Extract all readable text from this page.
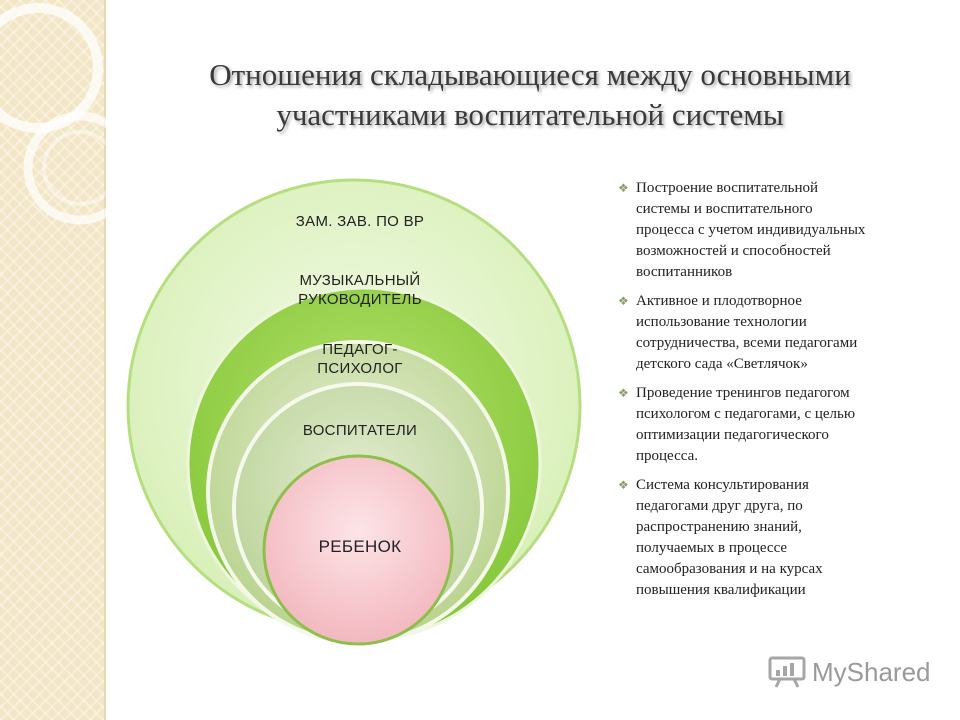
Отношения складывающиеся между основными
участниками воспитательной системы
ЗАМ. ЗАВ. ПО ВР
МУЗЫКАЛЬНЫЙ
РУКОВОДИТЕЛЬ
ПЕДАГОГ-
ПСИХОЛОГ
ВОСПИТАТЕЛИ
РЕБЕНОК
❖ Построение воспитательной
системы и воспитательного
процесса с учетом индивидуальных
возможностей и способностей
воспитанников
❖ Активное и плодотворное
использование технологии
сотрудничества, всеми педагогами
детского сада «Светлячок»
❖ Проведение тренингов педагогом
психологом с педагогами, с целью
оптимизации педагогического
процесса.
❖ Система консультирования
педагогами друг друга, по
распространению знаний,
получаемых в процессе
самообразования и на курсах
повышения квалификации
MyShared
